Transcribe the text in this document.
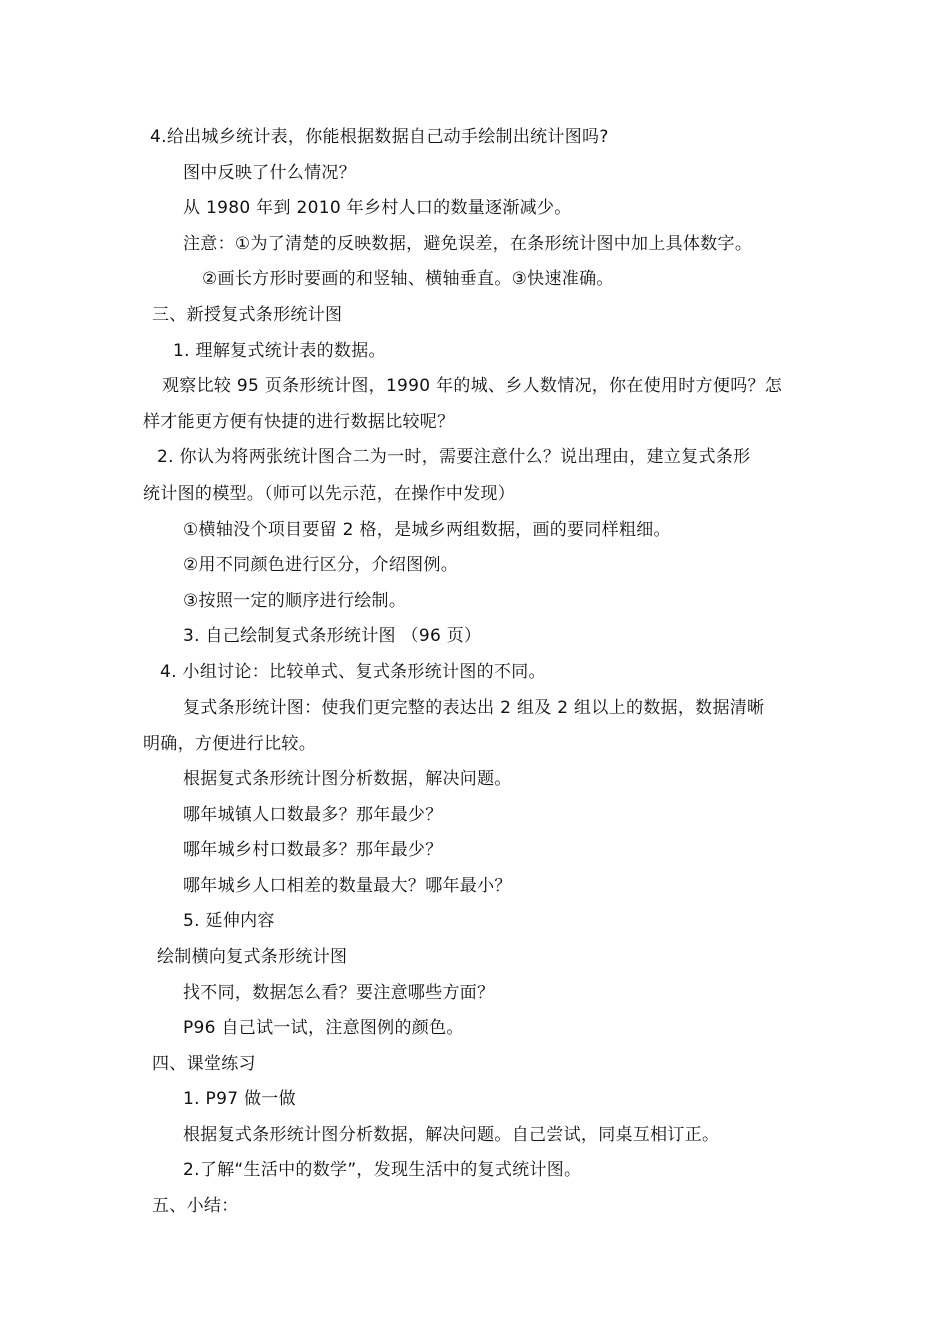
4.给出城乡统计表，你能根据数据自己动手绘制出统计图吗?
图中反映了什么情况？
从 1980 年到 2010 年乡村人口的数量逐渐减少。
注意：①为了清楚的反映数据，避免误差，在条形统计图中加上具体数字。
②画长方形时要画的和竖轴、横轴垂直。③快速准确。
三、新授复式条形统计图
1. 理解复式统计表的数据。
观察比较 95 页条形统计图，1990 年的城、乡人数情况，你在使用时方便吗？怎
样才能更方便有快捷的进行数据比较呢？
2. 你认为将两张统计图合二为一时，需要注意什么？说出理由，建立复式条形
统计图的模型。（师可以先示范，在操作中发现）
①横轴没个项目要留 2 格，是城乡两组数据，画的要同样粗细。
②用不同颜色进行区分，介绍图例。
③按照一定的顺序进行绘制。
3. 自己绘制复式条形统计图 （96 页）
4. 小组讨论：比较单式、复式条形统计图的不同。
复式条形统计图：使我们更完整的表达出 2 组及 2 组以上的数据，数据清晰
明确，方便进行比较。
根据复式条形统计图分析数据，解决问题。
哪年城镇人口数最多？那年最少？
哪年城乡村口数最多？那年最少？
哪年城乡人口相差的数量最大？哪年最小？
5. 延伸内容
绘制横向复式条形统计图
找不同，数据怎么看？要注意哪些方面？
P96 自己试一试，注意图例的颜色。
四、课堂练习
1. P97 做一做
根据复式条形统计图分析数据，解决问题。自己尝试，同桌互相订正。
2.了解“生活中的数学”，发现生活中的复式统计图。
五、小结：
